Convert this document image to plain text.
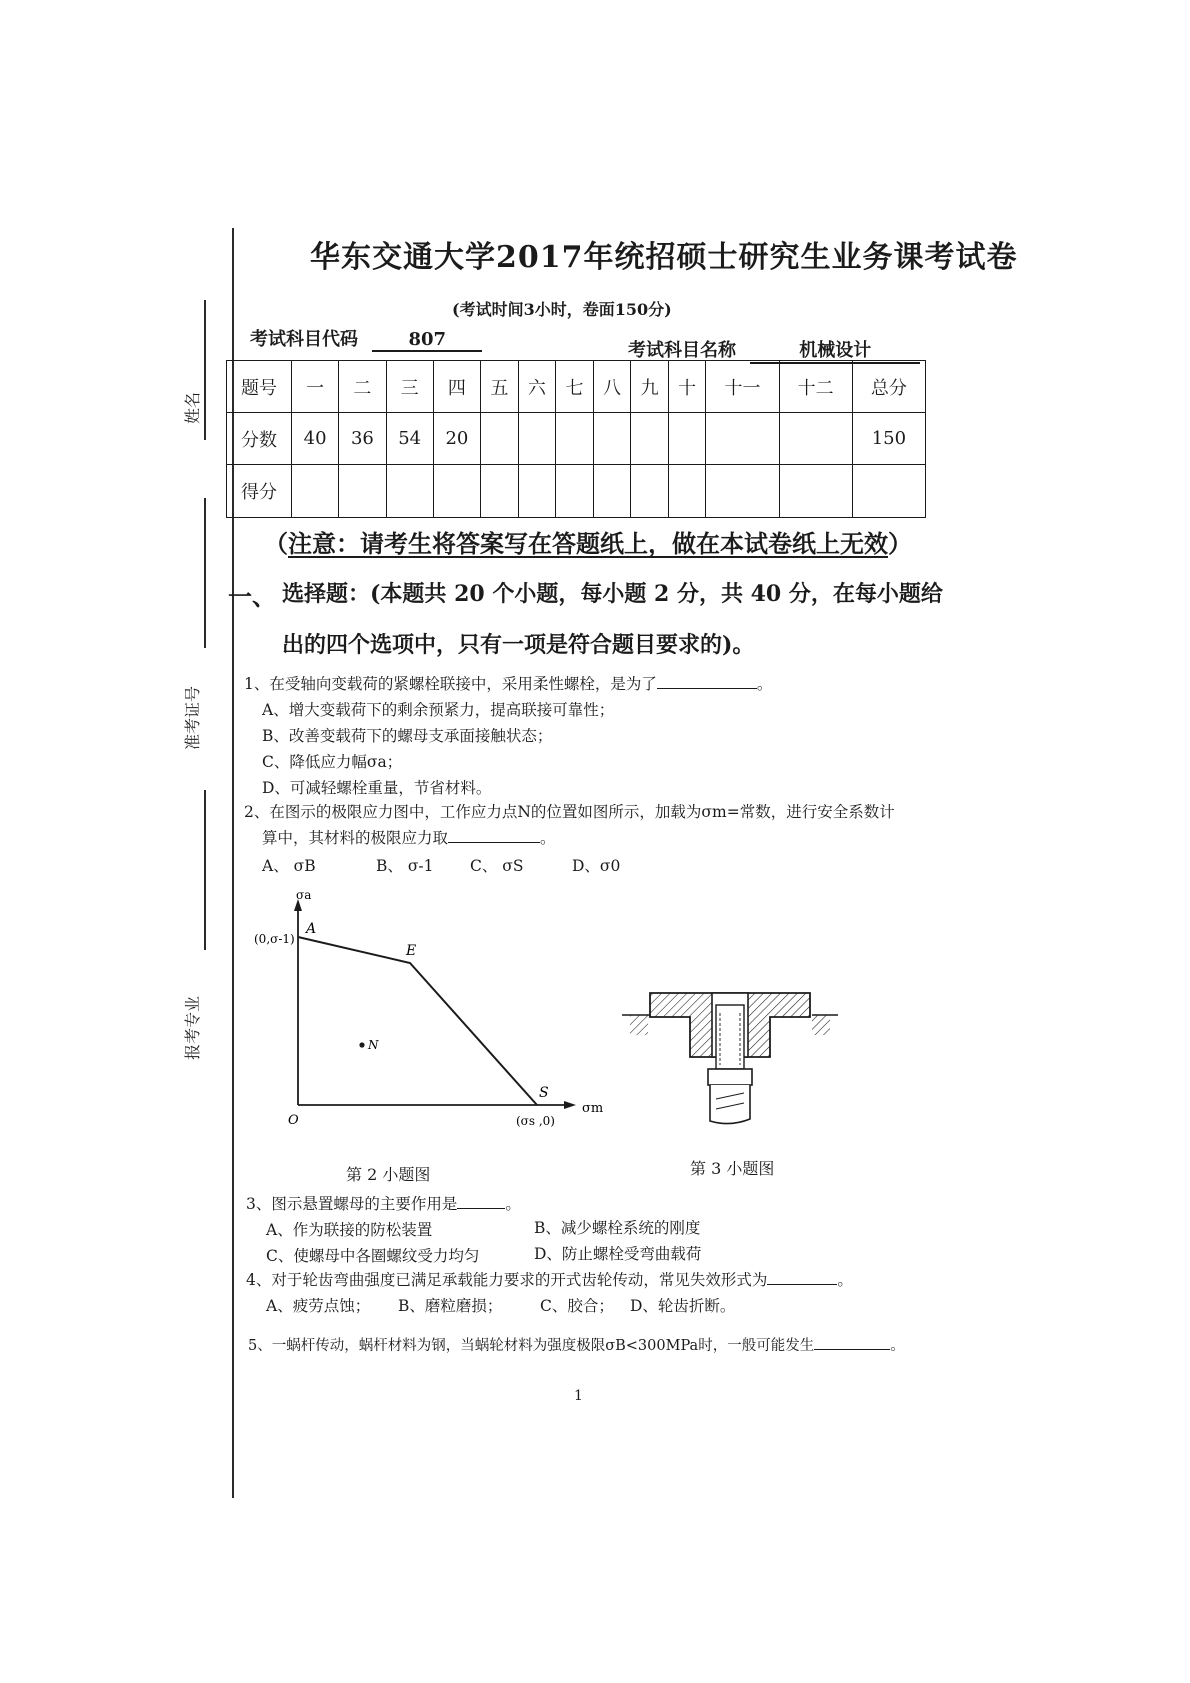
姓名
准考证号
报考专业
华东交通大学2017年统招硕士研究生业务课考试卷
(考试时间3小时，卷面150分)
考试科目代码	807
考试科目名称	机械设计
题号	一	二	三	四	五	六	七	八	九	十	十一	十二	总分
分数	40	36	54	20									150
得分													
（注意：请考生将答案写在答题纸上，做在本试卷纸上无效）
一、 选择题：(本题共 20 个小题，每小题 2 分，共 40 分，在每小题给
出的四个选项中，只有一项是符合题目要求的)。
1、在受轴向变载荷的紧螺栓联接中，采用柔性螺栓，是为了	。
A、增大变载荷下的剩余预紧力，提高联接可靠性；
B、改善变载荷下的螺母支承面接触状态；
C、降低应力幅σa；
D、可减轻螺栓重量，节省材料。
2、在图示的极限应力图中，工作应力点N的位置如图所示，加载为σm=常数，进行安全系数计
算中，其材料的极限应力取	。
A、 σB	B、 σ-1 C、 σS	D、σ0
σa
σm
O
A
(0,σ-1)
E
N
S
(σs ,0)
第 2 小题图	第 3 小题图
3、图示悬置螺母的主要作用是	。
A、作为联接的防松装置	B、减少螺栓系统的刚度
C、使螺母中各圈螺纹受力均匀	D、防止螺栓受弯曲载荷
4、对于轮齿弯曲强度已满足承载能力要求的开式齿轮传动，常见失效形式为	。
A、疲劳点蚀； B、磨粒磨损； C、胶合； D、轮齿折断。
5、一蜗杆传动，蜗杆材料为钢，当蜗轮材料为强度极限σB<300MPa时，一般可能发生	。
1
